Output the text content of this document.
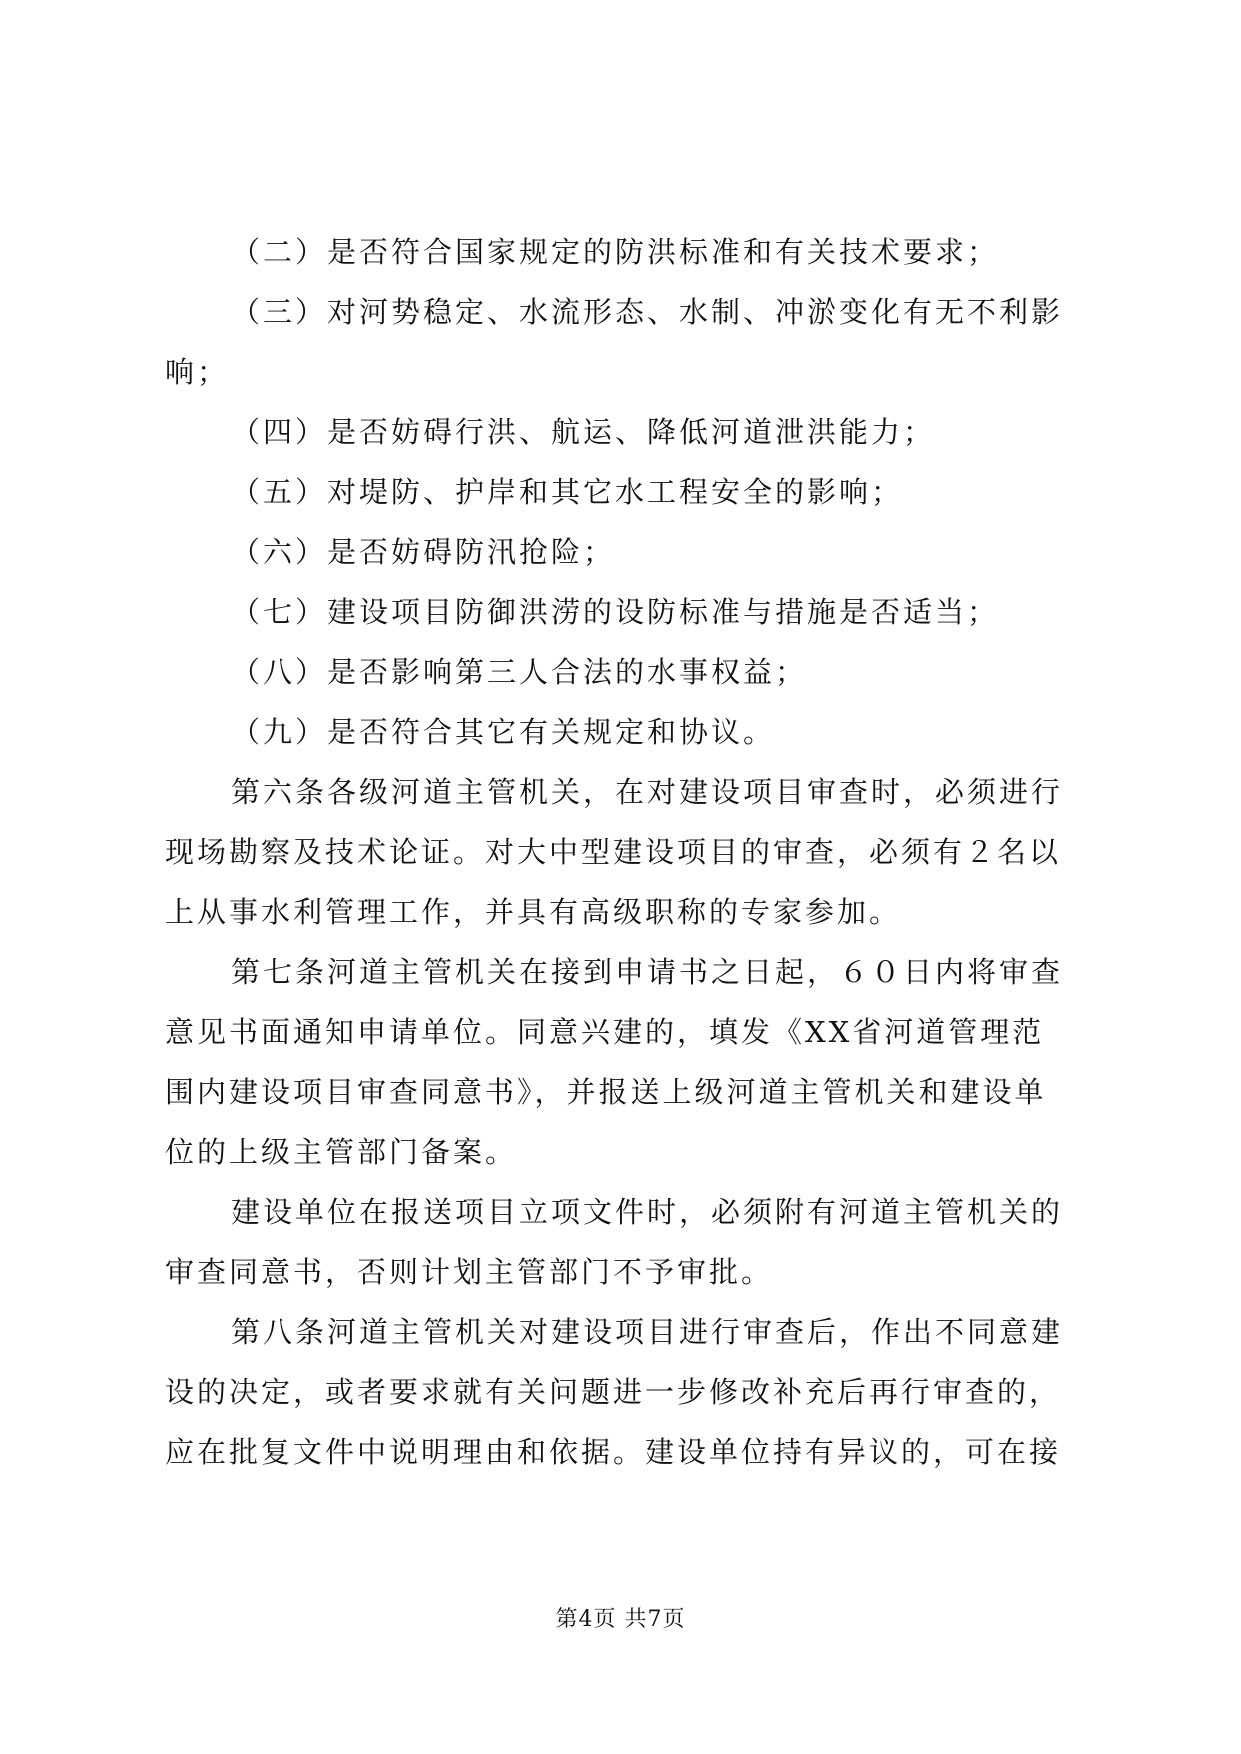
（二）是否符合国家规定的防洪标准和有关技术要求；
（三）对河势稳定、水流形态、水制、冲淤变化有无不利影
响；
（四）是否妨碍行洪、航运、降低河道泄洪能力；
（五）对堤防、护岸和其它水工程安全的影响；
（六）是否妨碍防汛抢险；
（七）建设项目防御洪涝的设防标准与措施是否适当；
（八）是否影响第三人合法的水事权益；
（九）是否符合其它有关规定和协议。
第六条各级河道主管机关，在对建设项目审查时，必须进行
现场勘察及技术论证。对大中型建设项目的审查，必须有２名以
上从事水利管理工作，并具有高级职称的专家参加。
第七条河道主管机关在接到申请书之日起，６０日内将审查
意见书面通知申请单位。同意兴建的，填发《XX省河道管理范
围内建设项目审查同意书》，并报送上级河道主管机关和建设单
位的上级主管部门备案。
建设单位在报送项目立项文件时，必须附有河道主管机关的
审查同意书，否则计划主管部门不予审批。
第八条河道主管机关对建设项目进行审查后，作出不同意建
设的决定，或者要求就有关问题进一步修改补充后再行审查的，
应在批复文件中说明理由和依据。建设单位持有异议的，可在接
第4页 共7页
